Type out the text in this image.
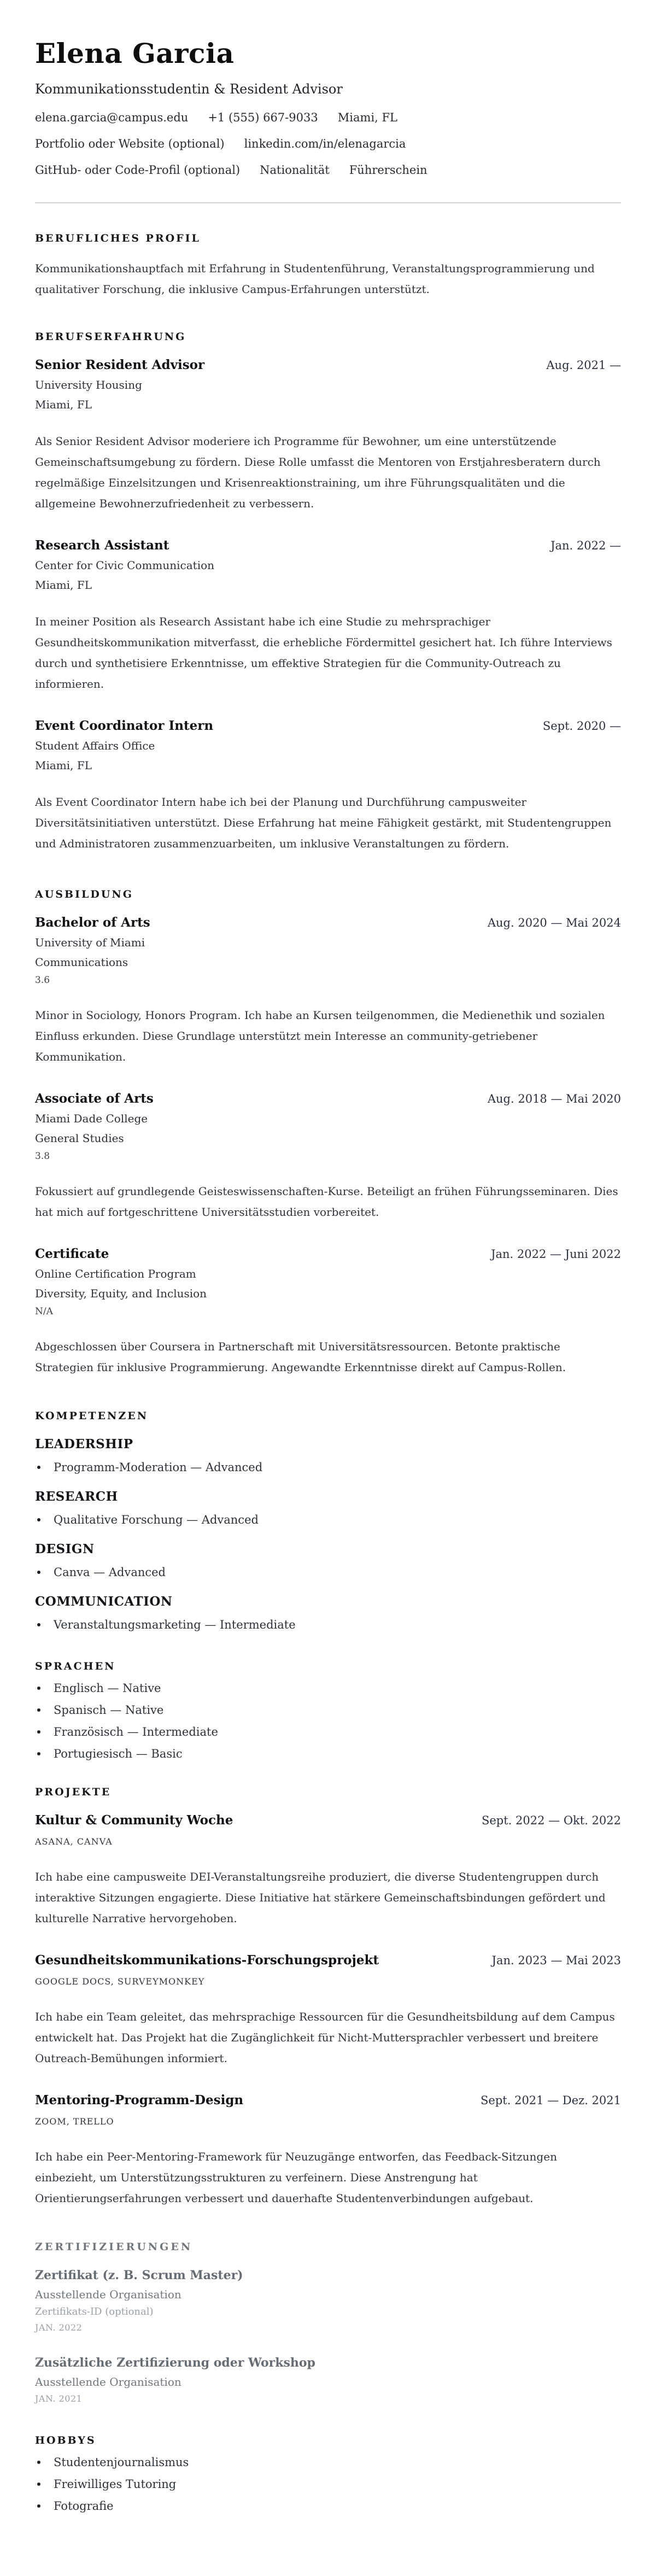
Elena Garcia
Kommunikationsstudentin & Resident Advisor
elena.garcia@campus.edu +1 (555) 667-9033 Miami, FL
Portfolio oder Website (optional) linkedin.com/in/elenagarcia
GitHub- oder Code-Profil (optional) Nationalität Führerschein
BERUFLICHES PROFIL

Kommunikationshauptfach mit Erfahrung in Studentenführung, Veranstaltungsprogrammierung und qualitativer Forschung, die inklusive Campus-Erfahrungen unterstützt.

BERUFSERFAHRUNG
Senior Resident Advisor	Aug. 2021 —
University Housing
Miami, FL

Als Senior Resident Advisor moderiere ich Programme für Bewohner, um eine unterstützende Gemeinschaftsumgebung zu fördern. Diese Rolle umfasst die Mentoren von Erstjahresberatern durch regelmäßige Einzelsitzungen und Krisenreaktionstraining, um ihre Führungsqualitäten und die allgemeine Bewohnerzufriedenheit zu verbessern.

Research Assistant	Jan. 2022 —
Center for Civic Communication
Miami, FL

In meiner Position als Research Assistant habe ich eine Studie zu mehrsprachiger Gesundheitskommunikation mitverfasst, die erhebliche Fördermittel gesichert hat. Ich führe Interviews durch und synthetisiere Erkenntnisse, um effektive Strategien für die Community-Outreach zu informieren.

Event Coordinator Intern	Sept. 2020 —
Student Affairs Office
Miami, FL

Als Event Coordinator Intern habe ich bei der Planung und Durchführung campusweiter Diversitätsinitiativen unterstützt. Diese Erfahrung hat meine Fähigkeit gestärkt, mit Studentengruppen und Administratoren zusammenzuarbeiten, um inklusive Veranstaltungen zu fördern.

AUSBILDUNG
Bachelor of Arts	Aug. 2020 — Mai 2024
University of Miami
Communications
3.6

Minor in Sociology, Honors Program. Ich habe an Kursen teilgenommen, die Medienethik und sozialen Einfluss erkunden. Diese Grundlage unterstützt mein Interesse an community-getriebener Kommunikation.

Associate of Arts	Aug. 2018 — Mai 2020
Miami Dade College
General Studies
3.8

Fokussiert auf grundlegende Geisteswissenschaften-Kurse. Beteiligt an frühen Führungsseminaren. Dies hat mich auf fortgeschrittene Universitätsstudien vorbereitet.

Certificate	Jan. 2022 — Juni 2022
Online Certification Program
Diversity, Equity, and Inclusion
N/A

Abgeschlossen über Coursera in Partnerschaft mit Universitätsressourcen. Betonte praktische Strategien für inklusive Programmierung. Angewandte Erkenntnisse direkt auf Campus-Rollen.

KOMPETENZEN
LEADERSHIP
Programm-Moderation — Advanced
RESEARCH
Qualitative Forschung — Advanced
DESIGN
Canva — Advanced
COMMUNICATION
Veranstaltungsmarketing — Intermediate
SPRACHEN
Englisch — Native
Spanisch — Native
Französisch — Intermediate
Portugiesisch — Basic
PROJEKTE
Kultur & Community Woche	Sept. 2022 — Okt. 2022
ASANA, CANVA

Ich habe eine campusweite DEI-Veranstaltungsreihe produziert, die diverse Studentengruppen durch interaktive Sitzungen engagierte. Diese Initiative hat stärkere Gemeinschaftsbindungen gefördert und kulturelle Narrative hervorgehoben.

Gesundheitskommunikations-Forschungsprojekt	Jan. 2023 — Mai 2023
GOOGLE DOCS, SURVEYMONKEY

Ich habe ein Team geleitet, das mehrsprachige Ressourcen für die Gesundheitsbildung auf dem Campus entwickelt hat. Das Projekt hat die Zugänglichkeit für Nicht-Muttersprachler verbessert und breitere Outreach-Bemühungen informiert.

Mentoring-Programm-Design	Sept. 2021 — Dez. 2021
ZOOM, TRELLO

Ich habe ein Peer-Mentoring-Framework für Neuzugänge entworfen, das Feedback-Sitzungen einbezieht, um Unterstützungsstrukturen zu verfeinern. Diese Anstrengung hat Orientierungserfahrungen verbessert und dauerhafte Studentenverbindungen aufgebaut.

ZERTIFIZIERUNGEN
Zertifikat (z. B. Scrum Master)
Ausstellende Organisation
Zertifikats-ID (optional)
JAN. 2022
Zusätzliche Zertifizierung oder Workshop
Ausstellende Organisation
JAN. 2021
HOBBYS
Studentenjournalismus
Freiwilliges Tutoring
Fotografie
